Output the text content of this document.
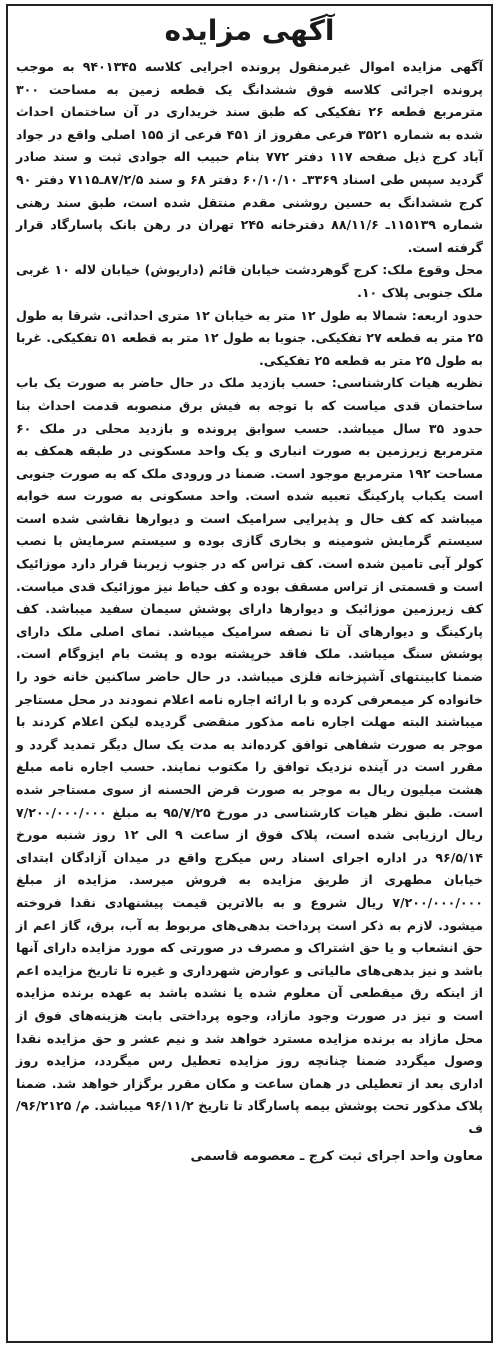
آگهی مزایده

آگهی مزایده اموال غیرمنقول پرونده اجرایی کلاسه ۹۴۰۱۳۴۵ به موجب پرونده اجرائی کلاسه فوق ششدانگ یک قطعه زمین به مساحت ۳۰۰ مترمربع قطعه ۲۶ تفکیکی که طبق سند خریداری در آن ساختمان احداث شده به شماره ۳۵۲۱ فرعی مفروز از ۴۵۱ فرعی از ۱۵۵ اصلی واقع در جواد آباد کرج ذیل صفحه ۱۱۷ دفتر ۷۷۲ بنام حبیب اله جوادی ثبت و سند صادر گردید سپس طی اسناد ۳۳۶۹ـ ۶۰/۱۰/۱۰ دفتر ۶۸ و سند ۸۷/۲/۵ـ۷۱۱۵ دفتر ۹۰ کرج ششدانگ به حسین روشنی مقدم منتقل شده است، طبق سند رهنی شماره ۱۱۵۱۳۹ـ ۸۸/۱۱/۶ دفترخانه ۲۴۵ تهران در رهن بانک پاسارگاد قرار گرفته است.

محل وقوع ملک: کرج گوهردشت خیابان قائم (داریوش) خیابان لاله ۱۰ غربی ملک جنوبی پلاک ۱۰.

حدود اربعه: شمالا به طول ۱۲ متر به خیابان ۱۲ متری احداثی. شرقا به طول ۲۵ متر به قطعه ۲۷ تفکیکی. جنوبا به طول ۱۲ متر به قطعه ۵۱ تفکیکی. غربا به طول ۲۵ متر به قطعه ۲۵ تفکیکی.

نظریه هیات کارشناسی: حسب بازدید ملک در حال حاضر به صورت یک باب ساختمان قدی میاست که با توجه به فیش برق منصوبه قدمت احداث بنا حدود ۳۵ سال میباشد. حسب سوابق پرونده و بازدید محلی در ملک ۶۰ مترمربع زیرزمین به صورت انباری و یک واحد مسکونی در طبقه همکف به مساحت ۱۹۲ مترمربع موجود است. ضمنا در ورودی ملک که به صورت جنوبی است یکباب پارکینگ تعبیه شده است. واحد مسکونی به صورت سه خوابه میباشد که کف حال و پذیرایی سرامیک است و دیوارها نقاشی شده است سیستم گرمایش شومینه و بخاری گازی بوده و سیستم سرمایش با نصب کولر آبی تامین شده است. کف تراس که در جنوب زیربنا قرار دارد موزائیک است و قسمتی از تراس مسقف بوده و کف حیاط نیز موزائیک قدی میاست. کف زیرزمین موزائیک و دیوارها دارای پوشش سیمان سفید میباشد. کف پارکینگ و دیوارهای آن تا نصفه سرامیک میباشد. نمای اصلی ملک دارای پوشش سنگ میباشد. ملک فاقد خرپشته بوده و پشت بام ایزوگام است. ضمنا کابینتهای آشپزخانه فلزی میباشد. در حال حاضر ساکنین خانه خود را خانواده کر میمعرفی کرده و با ارائه اجاره نامه اعلام نمودند در محل مستاجر میباشند البته مهلت اجاره نامه مذکور منقضی گردیده لیکن اعلام کردند با موجر به صورت شفاهی توافق کرده‌اند به مدت یک سال دیگر تمدید گردد و مقرر است در آینده نزدیک توافق را مکتوب نمایند. حسب اجاره نامه مبلغ هشت میلیون ریال به موجر به صورت قرض الحسنه از سوی مستاجر شده است. طبق نظر هیات کارشناسی در مورخ ۹۵/۷/۲۵ به مبلغ ۷/۲۰۰/۰۰۰/۰۰۰ ریال ارزیابی شده است، پلاک فوق از ساعت ۹ الی ۱۲ روز شنبه مورخ ۹۶/۵/۱۴ در اداره اجرای اسناد رس میکرج واقع در میدان آزادگان ابتدای خیابان مطهری از طریق مزایده به فروش میرسد. مزایده از مبلغ ۷/۲۰۰/۰۰۰/۰۰۰ ریال شروع و به بالاترین قیمت پیشنهادی نقدا فروخته میشود. لازم به ذکر است پرداخت بدهی‌های مربوط به آب، برق، گاز اعم از حق انشعاب و یا حق اشتراک و مصرف در صورتی که مورد مزایده دارای آنها باشد و نیز بدهی‌های مالیاتی و عوارض شهرداری و غیره تا تاریخ مزایده اعم از اینکه رق میقطعی آن معلوم شده یا نشده باشد به عهده برنده مزایده است و نیز در صورت وجود مازاد، وجوه پرداختی بابت هزینه‌های فوق از محل مازاد به برنده مزایده مسترد خواهد شد و نیم عشر و حق مزایده نقدا وصول میگردد ضمنا چنانچه روز مزایده تعطیل رس میگردد، مزایده روز اداری بعد از تعطیلی در همان ساعت و مکان مقرر برگزار خواهد شد. ضمنا پلاک مذکور تحت پوشش بیمه پاسارگاد تا تاریخ ۹۶/۱۱/۲ میباشد. م/ ۹۶/۲۱۲۵/ف

معاون واحد اجرای ثبت کرج ـ معصومه قاسمی
